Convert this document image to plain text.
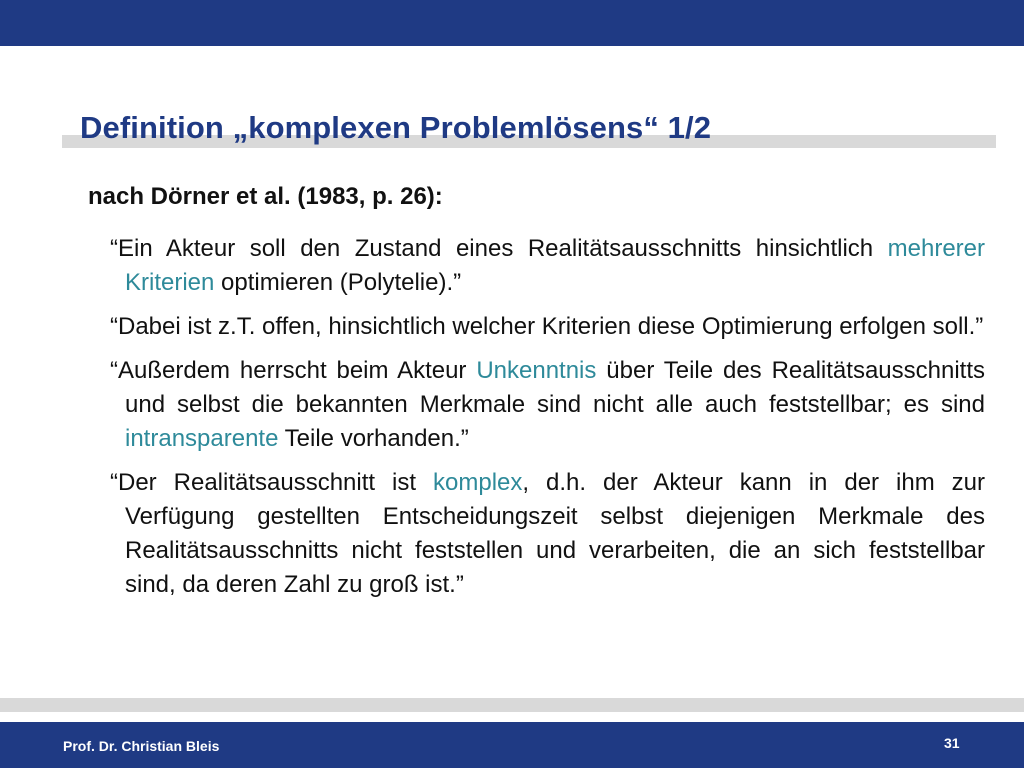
Definition „komplexen Problemlösens“ 1/2

nach Dörner et al. (1983, p. 26):

“Ein Akteur soll den Zustand eines Realitätsausschnitts hinsichtlich mehrerer Kriterien optimieren (Polytelie).”
“Dabei ist z.T. offen, hinsichtlich welcher Kriterien diese Optimierung erfolgen soll.”
“Außerdem herrscht beim Akteur Unkenntnis über Teile des Realitätsausschnitts und selbst die bekannten Merkmale sind nicht alle auch feststellbar; es sind intransparente Teile vorhanden.”
“Der Realitätsausschnitt ist komplex, d.h. der Akteur kann in der ihm zur Verfügung gestellten Entscheidungszeit selbst diejenigen Merkmale des Realitätsausschnitts nicht feststellen und verarbeiten, die an sich feststellbar sind, da deren Zahl zu groß ist.”
Prof. Dr. Christian Bleis	31
